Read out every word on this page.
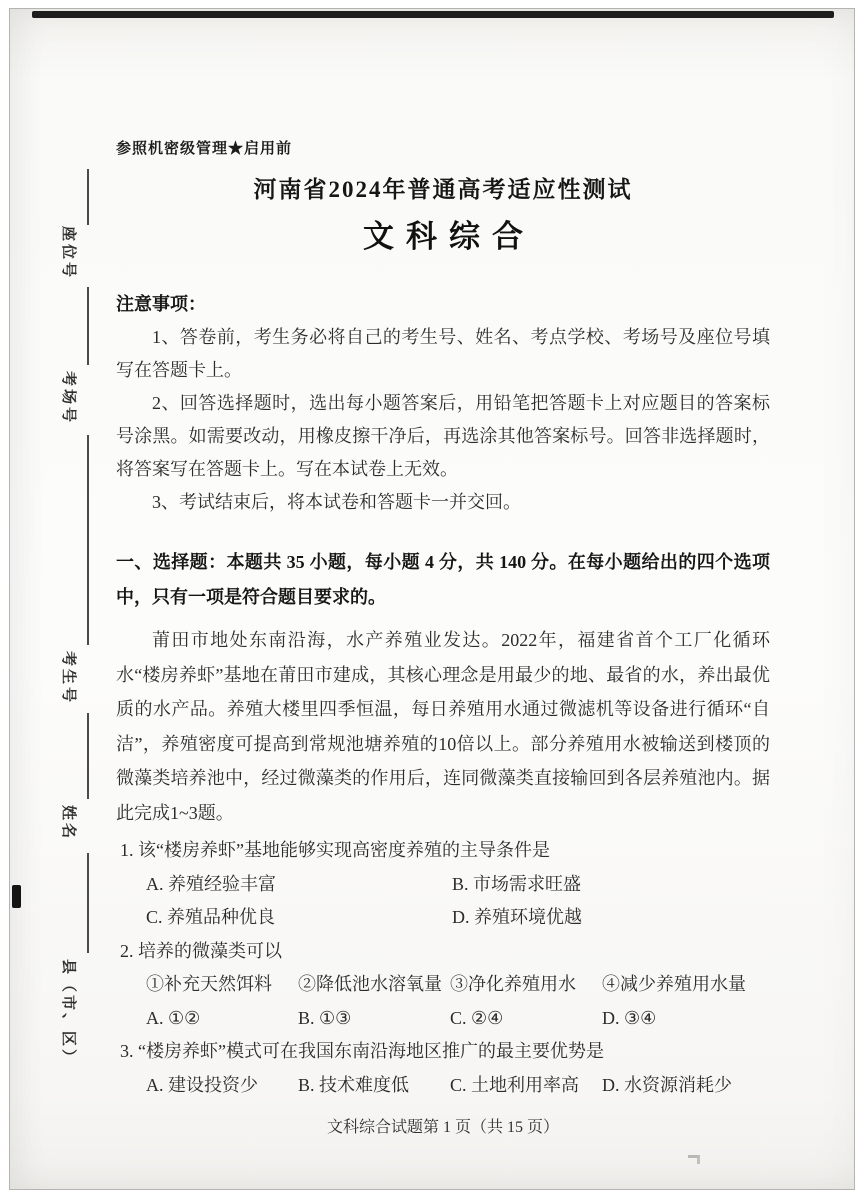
座位号
考场号
考生号
姓名
县（市、区）
参照机密级管理★启用前
河南省2024年普通高考适应性测试
文科综合

注意事项：

1、答卷前，考生务必将自己的考生号、姓名、考点学校、考场号及座位号填写在答题卡上。

2、回答选择题时，选出每小题答案后，用铅笔把答题卡上对应题目的答案标号涂黑。如需要改动，用橡皮擦干净后，再选涂其他答案标号。回答非选择题时，将答案写在答题卡上。写在本试卷上无效。

3、考试结束后，将本试卷和答题卡一并交回。

一、选择题：本题共 35 小题，每小题 4 分，共 140 分。在每小题给出的四个选项中，只有一项是符合题目要求的。

莆田市地处东南沿海，水产养殖业发达。2022年，福建省首个工厂化循环水“楼房养虾”基地在莆田市建成，其核心理念是用最少的地、最省的水，养出最优质的水产品。养殖大楼里四季恒温，每日养殖用水通过微滤机等设备进行循环“自洁”，养殖密度可提高到常规池塘养殖的10倍以上。部分养殖用水被输送到楼顶的微藻类培养池中，经过微藻类的作用后，连同微藻类直接输回到各层养殖池内。据此完成1~3题。

1. 该“楼房养虾”基地能够实现高密度养殖的主导条件是

A. 养殖经验丰富	B. 市场需求旺盛
C. 养殖品种优良	D. 养殖环境优越

2. 培养的微藻类可以

①补充天然饵料	②降低池水溶氧量 ③净化养殖用水	④减少养殖用水量
A. ①②	B. ①③	C. ②④	D. ③④

3. “楼房养虾”模式可在我国东南沿海地区推广的最主要优势是

A. 建设投资少	B. 技术难度低	C. 土地利用率高	D. 水资源消耗少
文科综合试题第 1 页（共 15 页）
